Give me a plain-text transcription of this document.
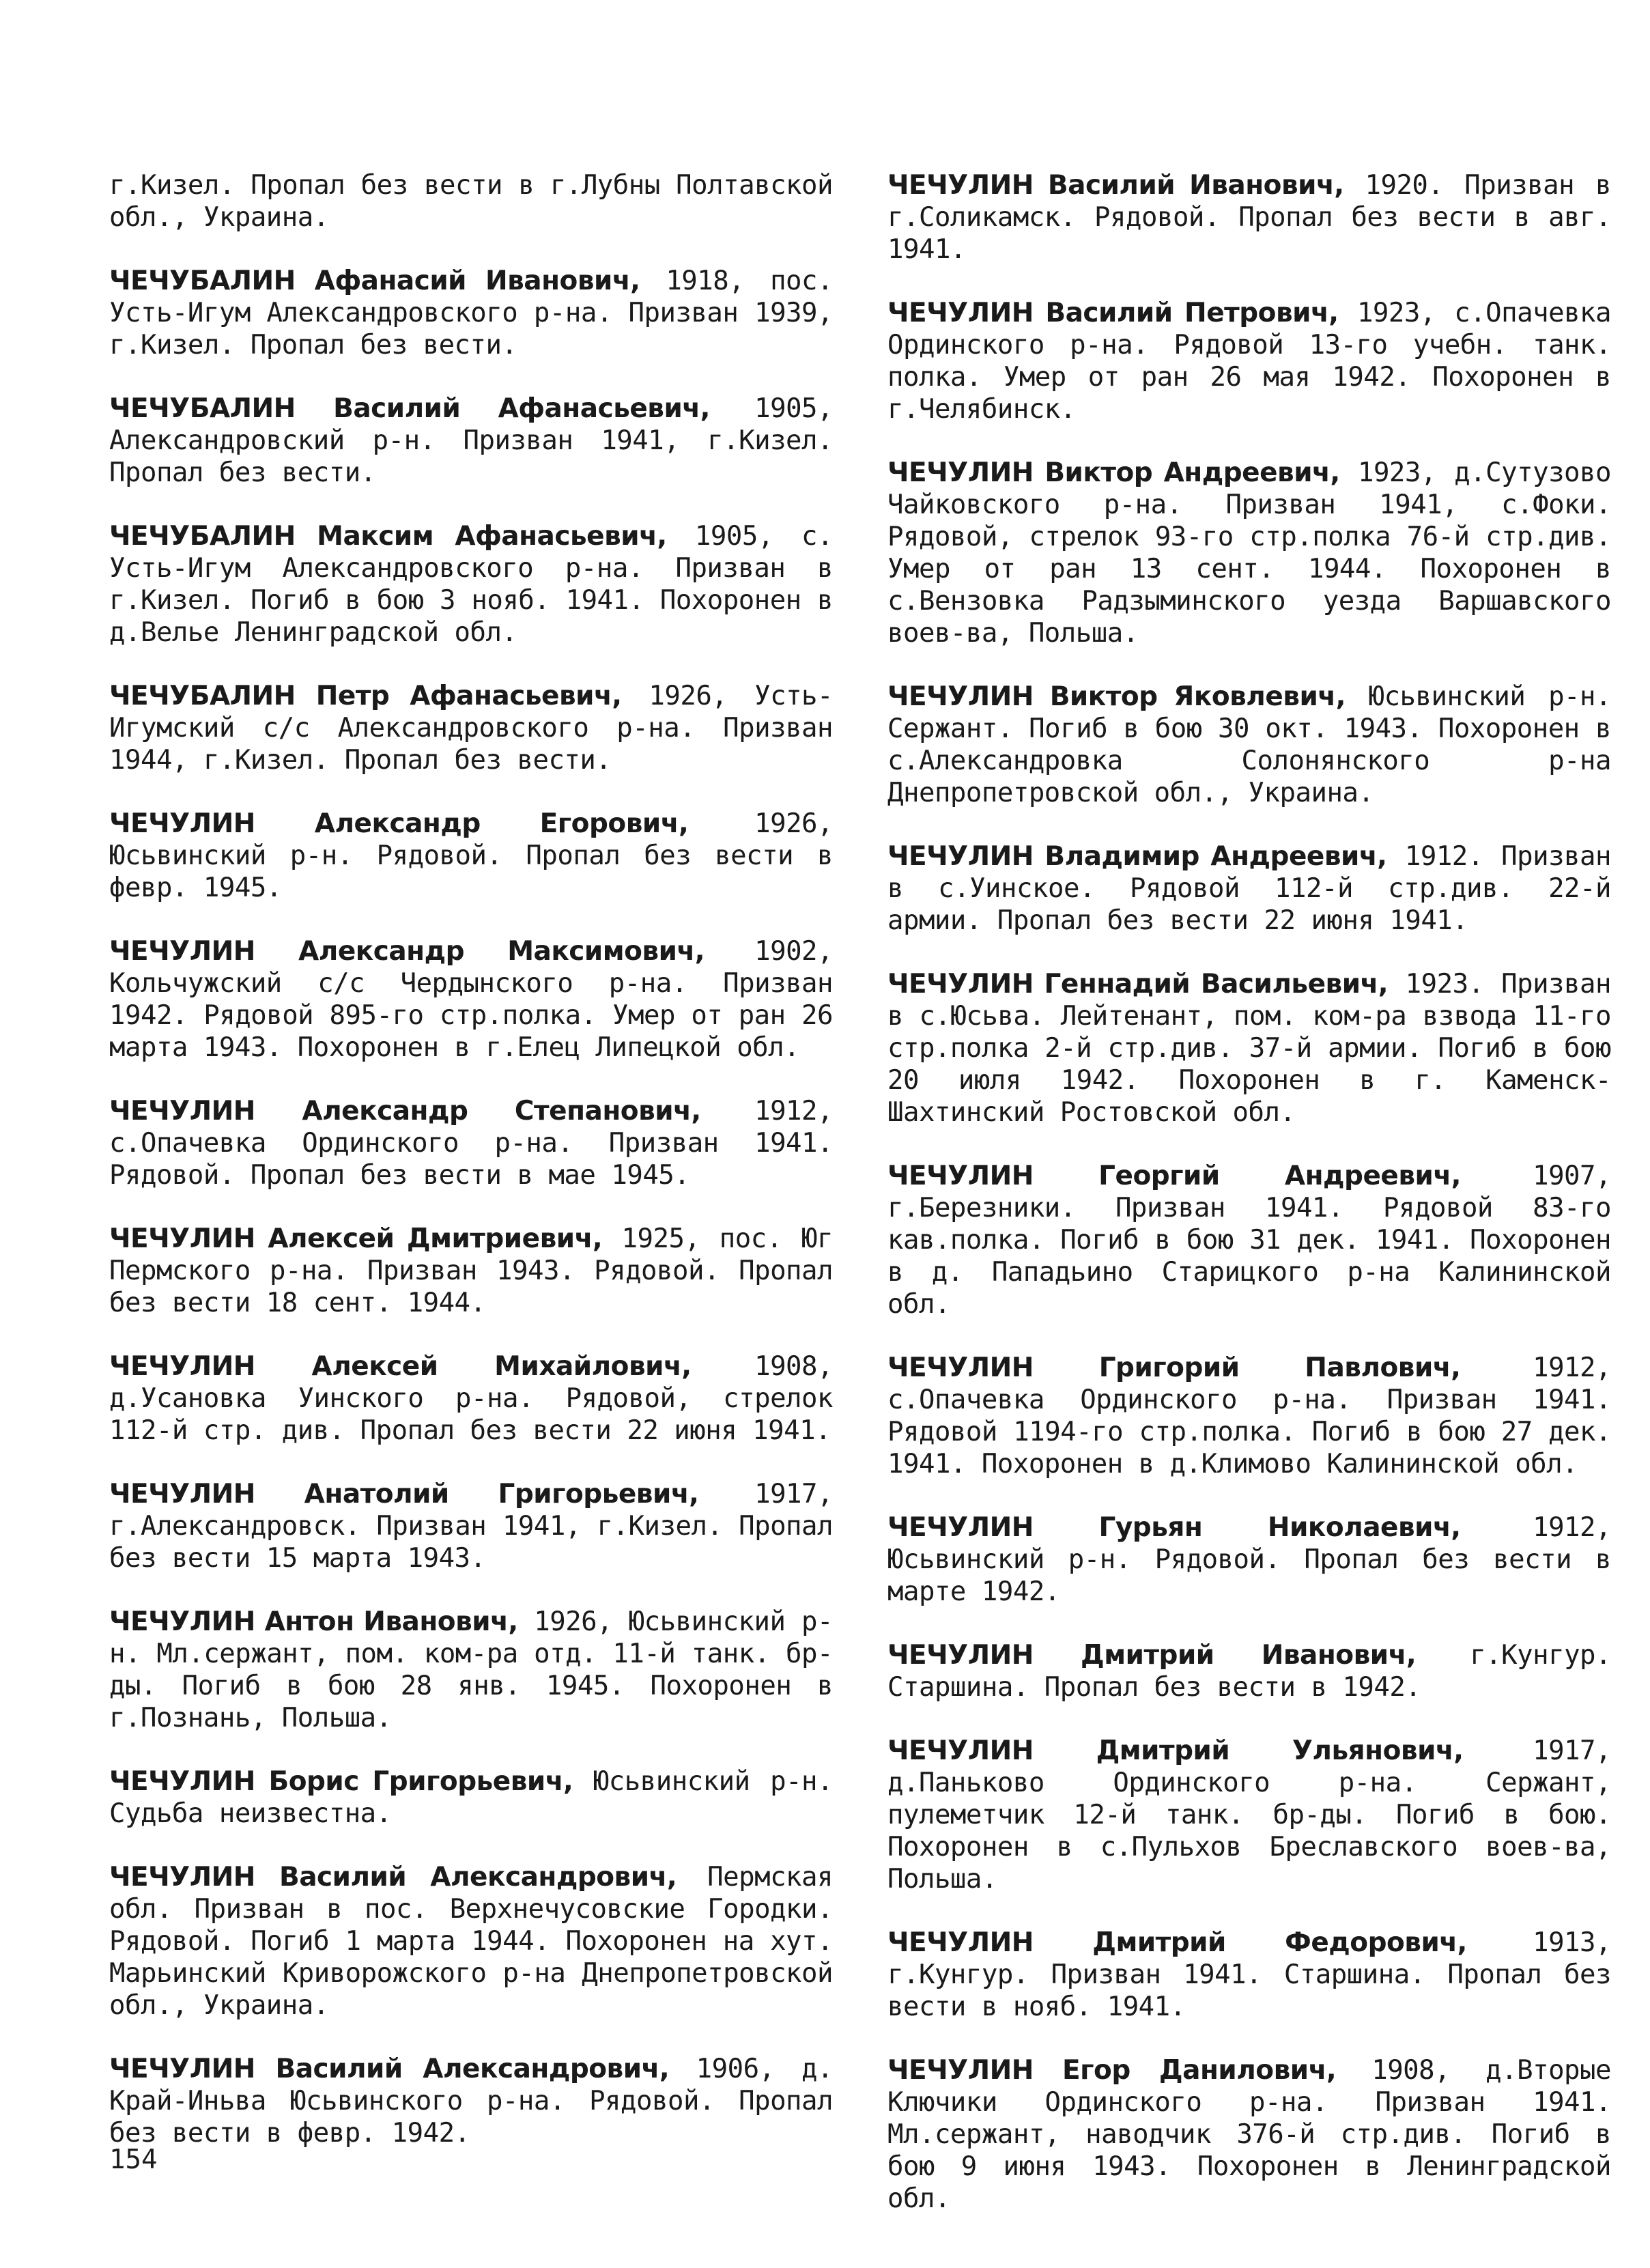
г.Кизел. Пропал без вести в г.Лубны Полтавской обл., Украина.

ЧЕЧУБАЛИН Афанасий Иванович, 1918, пос. Усть-Игум Александровского р-на. Призван 1939, г.Кизел. Пропал без вести.

ЧЕЧУБАЛИН Василий Афанасьевич, 1905, Александровский р-н. Призван 1941, г.Кизел. Пропал без вести.

ЧЕЧУБАЛИН Максим Афанасьевич, 1905, с. Усть-Игум Александровского р-на. Призван в г.Кизел. Погиб в бою 3 нояб. 1941. Похоронен в д.Велье Ленинградской обл.

ЧЕЧУБАЛИН Петр Афанасьевич, 1926, Усть-Игумский с/с Александровского р-на. Призван 1944, г.Кизел. Пропал без вести.

ЧЕЧУЛИН Александр Егорович, 1926, Юсьвинский р-н. Рядовой. Пропал без вести в февр. 1945.

ЧЕЧУЛИН Александр Максимович, 1902, Кольчужский с/с Чердынского р-на. Призван 1942. Рядовой 895-го стр.полка. Умер от ран 26 марта 1943. Похоронен в г.Елец Липецкой обл.

ЧЕЧУЛИН Александр Степанович, 1912, с.Опачевка Ординского р-на. Призван 1941. Рядовой. Пропал без вести в мае 1945.

ЧЕЧУЛИН Алексей Дмитриевич, 1925, пос. Юг Пермского р-на. Призван 1943. Рядовой. Пропал без вести 18 сент. 1944.

ЧЕЧУЛИН Алексей Михайлович, 1908, д.Усановка Уинского р-на. Рядовой, стрелок 112-й стр. див. Пропал без вести 22 июня 1941.

ЧЕЧУЛИН Анатолий Григорьевич, 1917, г.Александровск. Призван 1941, г.Кизел. Пропал без вести 15 марта 1943.

ЧЕЧУЛИН Антон Иванович, 1926, Юсьвинский р-н. Мл.сержант, пом. ком-ра отд. 11-й танк. бр-ды. Погиб в бою 28 янв. 1945. Похоронен в г.Познань, Польша.

ЧЕЧУЛИН Борис Григорьевич, Юсьвинский р-н. Судьба неизвестна.

ЧЕЧУЛИН Василий Александрович, Пермская обл. Призван в пос. Верхнечусовские Городки. Рядовой. Погиб 1 марта 1944. Похоронен на хут. Марьинский Криворожского р-на Днепропетровской обл., Украина.

ЧЕЧУЛИН Василий Александрович, 1906, д. Край-Иньва Юсьвинского р-на. Рядовой. Пропал без вести в февр. 1942.

ЧЕЧУЛИН Василий Иванович, 1920. Призван в г.Соликамск. Рядовой. Пропал без вести в авг. 1941.

ЧЕЧУЛИН Василий Петрович, 1923, с.Опачевка Ординского р-на. Рядовой 13-го учебн. танк. полка. Умер от ран 26 мая 1942. Похоронен в г.Челябинск.

ЧЕЧУЛИН Виктор Андреевич, 1923, д.Сутузово Чайковского р-на. Призван 1941, с.Фоки. Рядовой, стрелок 93-го стр.полка 76-й стр.див. Умер от ран 13 сент. 1944. Похоронен в с.Вензовка Радзыминского уезда Варшавского воев-ва, Польша.

ЧЕЧУЛИН Виктор Яковлевич, Юсьвинский р-н. Сержант. Погиб в бою 30 окт. 1943. Похоронен в с.Александровка Солонянского р-на Днепропетровской обл., Украина.

ЧЕЧУЛИН Владимир Андреевич, 1912. Призван в с.Уинское. Рядовой 112-й стр.див. 22-й армии. Пропал без вести 22 июня 1941.

ЧЕЧУЛИН Геннадий Васильевич, 1923. Призван в с.Юсьва. Лейтенант, пом. ком-ра взвода 11-го стр.полка 2-й стр.див. 37-й армии. Погиб в бою 20 июля 1942. Похоронен в г. Каменск-Шахтинский Ростовской обл.

ЧЕЧУЛИН Георгий Андреевич,	1907, г.Березники. Призван 1941. Рядовой 83-го кав.полка. Погиб в бою 31 дек. 1941. Похоронен в д. Пападьино Старицкого р-на Калининской обл.

ЧЕЧУЛИН Григорий Павлович,	1912, с.Опачевка Ординского р-на. Призван 1941. Рядовой 1194-го стр.полка. Погиб в бою 27 дек. 1941. Похоронен в д.Климово Калининской обл.

ЧЕЧУЛИН Гурьян Николаевич,	1912, Юсьвинский р-н. Рядовой. Пропал без вести в марте 1942.

ЧЕЧУЛИН Дмитрий Иванович, г.Кунгур. Старшина. Пропал без вести в 1942.

ЧЕЧУЛИН Дмитрий Ульянович,	1917, д.Паньково Ординского р-на. Сержант, пулеметчик 12-й танк. бр-ды. Погиб в бою. Похоронен в с.Пульхов Бреславского воев-ва, Польша.

ЧЕЧУЛИН Дмитрий Федорович, 1913, г.Кунгур. Призван 1941. Старшина. Пропал без вести в нояб. 1941.

ЧЕЧУЛИН Егор Данилович, 1908, д.Вторые Ключики Ординского р-на. Призван 1941. Мл.сержант, наводчик 376-й стр.див. Погиб в бою 9 июня 1943. Похоронен в Ленинградской обл.

154
